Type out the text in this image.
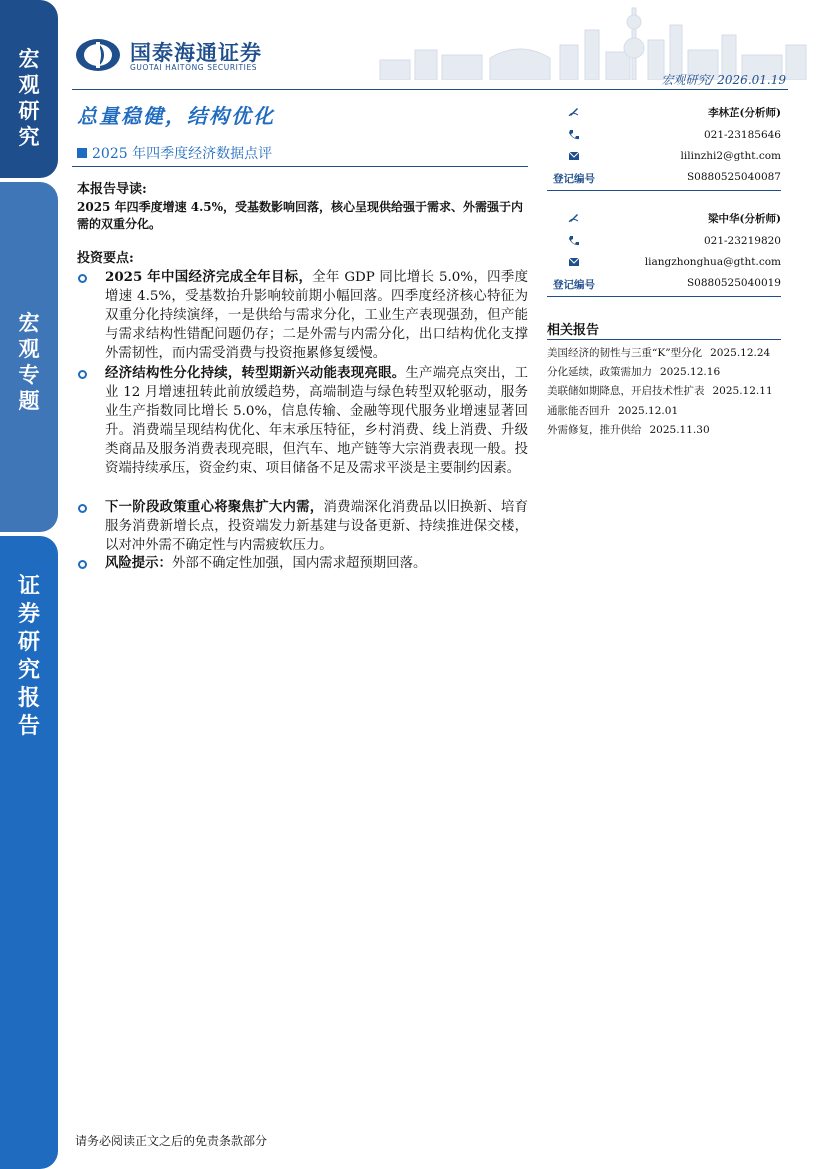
宏
观
研
究
宏
观
专
题
证
券
研
究
报
告
国泰海通证券
GUOTAI HAITONG SECURITIES
宏观研究/ 2026.01.19
总量稳健，结构优化
2025 年四季度经济数据点评
本报告导读:
2025 年四季度增速 4.5%，受基数影响回落，核心呈现供给强于需求、外需强于内需的双重分化。
投资要点:
2025 年中国经济完成全年目标，全年 GDP 同比增长 5.0%，四季度增速 4.5%，受基数抬升影响较前期小幅回落。四季度经济核心特征为双重分化持续演绎，一是供给与需求分化，工业生产表现强劲，但产能与需求结构性错配问题仍存；二是外需与内需分化，出口结构优化支撑外需韧性，而内需受消费与投资拖累修复缓慢。
经济结构性分化持续，转型期新兴动能表现亮眼。生产端亮点突出，工业 12 月增速扭转此前放缓趋势，高端制造与绿色转型双轮驱动，服务业生产指数同比增长 5.0%，信息传输、金融等现代服务业增速显著回升。消费端呈现结构优化、年末承压特征，乡村消费、线上消费、升级类商品及服务消费表现亮眼，但汽车、地产链等大宗消费表现一般。投资端持续承压，资金约束、项目储备不足及需求平淡是主要制约因素。
下一阶段政策重心将聚焦扩大内需，消费端深化消费品以旧换新、培育服务消费新增长点，投资端发力新基建与设备更新、持续推进保交楼，以对冲外需不确定性与内需疲软压力。
风险提示：外部不确定性加强，国内需求超预期回落。
李林芷(分析师)
021-23185646
lilinzhi2@gtht.com
登记编号	S0880525040087
梁中华(分析师)
021-23219820
liangzhonghua@gtht.com
登记编号	S0880525040019
相关报告
美国经济的韧性与三重“K”型分化 2025.12.24
分化延续，政策需加力 2025.12.16
美联储如期降息，开启技术性扩表 2025.12.11
通胀能否回升 2025.12.01
外需修复，推升供给 2025.11.30
请务必阅读正文之后的免责条款部分
